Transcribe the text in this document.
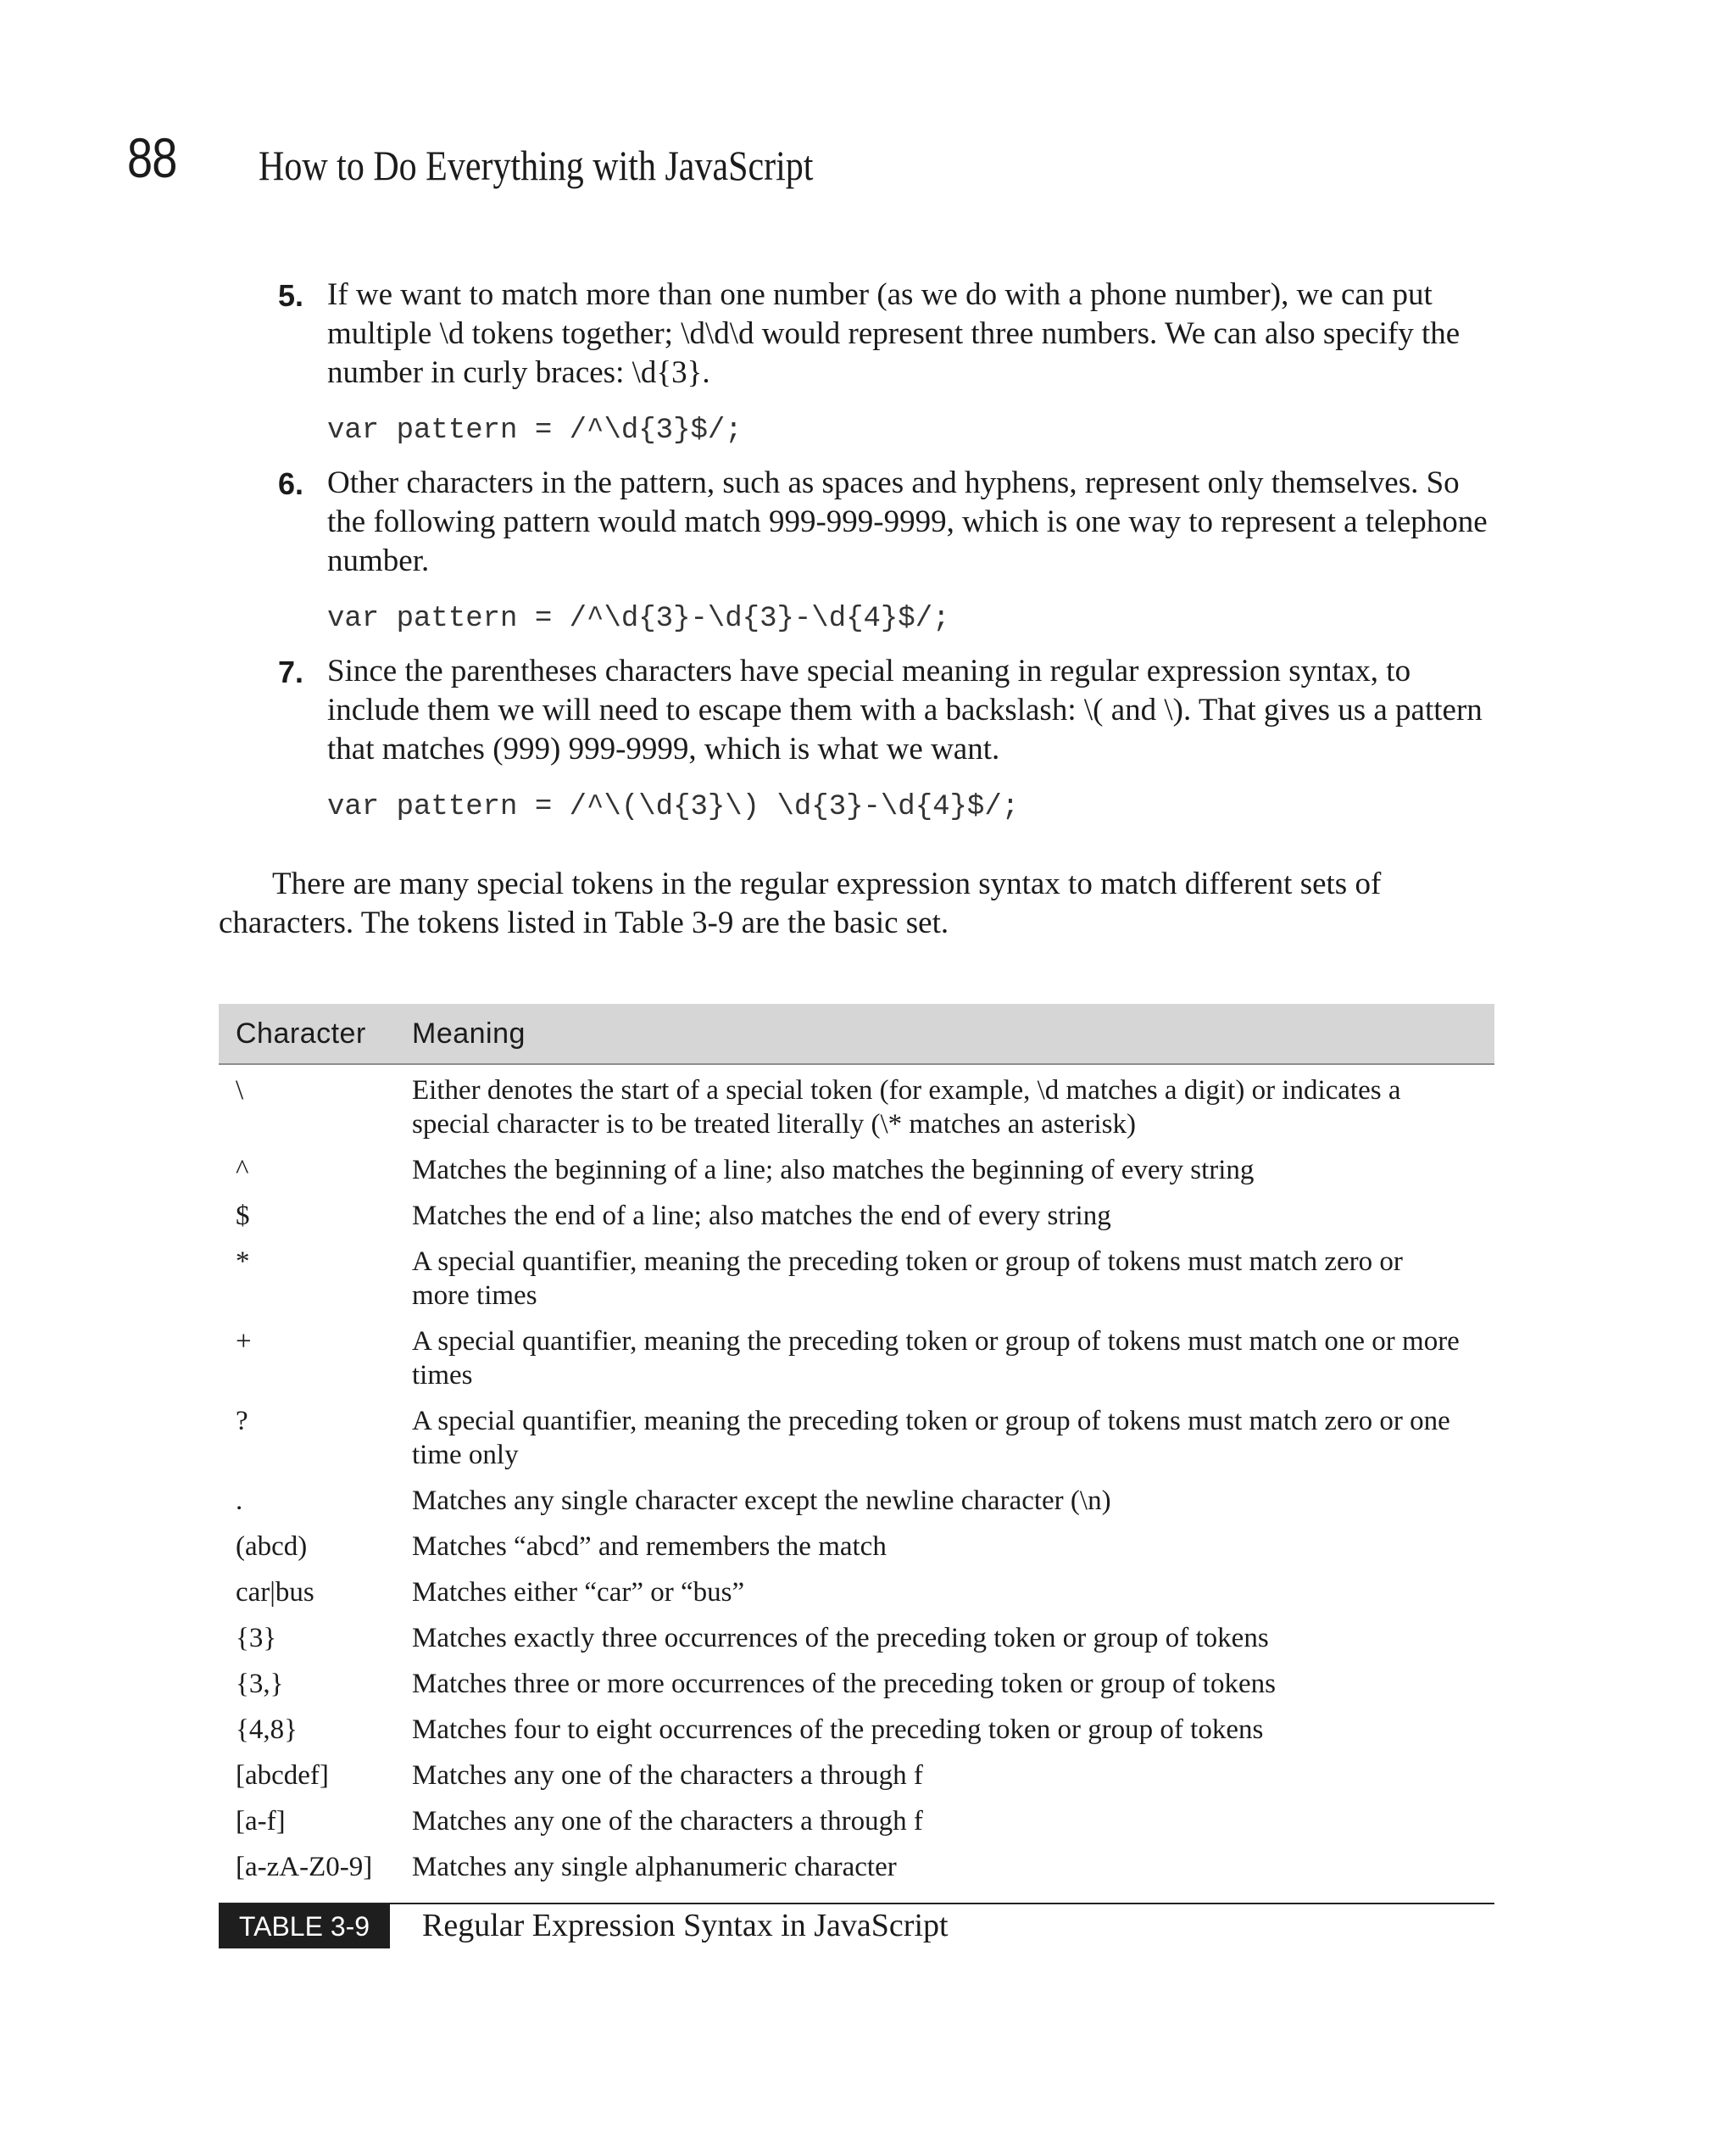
88 How to Do Everything with JavaScript
5. If we want to match more than one number (as we do with a phone number), we can put multiple \d tokens together; \d\d\d would represent three numbers. We can also specify the number in curly braces: \d{3}.
var pattern = /^\d{3}$/;
6. Other characters in the pattern, such as spaces and hyphens, represent only themselves. So the following pattern would match 999-999-9999, which is one way to represent a telephone number.
var pattern = /^\d{3}-\d{3}-\d{4}$/;
7. Since the parentheses characters have special meaning in regular expression syntax, to include them we will need to escape them with a backslash: \( and \). That gives us a pattern that matches (999) 999-9999, which is what we want.
var pattern = /^\(\d{3}\) \d{3}-\d{4}$/;
There are many special tokens in the regular expression syntax to match different sets of characters. The tokens listed in Table 3-9 are the basic set.
Character	Meaning
\	Either denotes the start of a special token (for example, \d matches a digit) or indicates a special character is to be treated literally (\* matches an asterisk)
^	Matches the beginning of a line; also matches the beginning of every string
$	Matches the end of a line; also matches the end of every string
*	A special quantifier, meaning the preceding token or group of tokens must match zero or more times
+	A special quantifier, meaning the preceding token or group of tokens must match one or more times
?	A special quantifier, meaning the preceding token or group of tokens must match zero or one time only
.	Matches any single character except the newline character (\n)
(abcd)	Matches “abcd” and remembers the match
car|bus	Matches either “car” or “bus”
{3}	Matches exactly three occurrences of the preceding token or group of tokens
{3,}	Matches three or more occurrences of the preceding token or group of tokens
{4,8}	Matches four to eight occurrences of the preceding token or group of tokens
[abcdef]	Matches any one of the characters a through f
[a-f]	Matches any one of the characters a through f
[a-zA-Z0-9]	Matches any single alphanumeric character
TABLE 3-9	Regular Expression Syntax in JavaScript
